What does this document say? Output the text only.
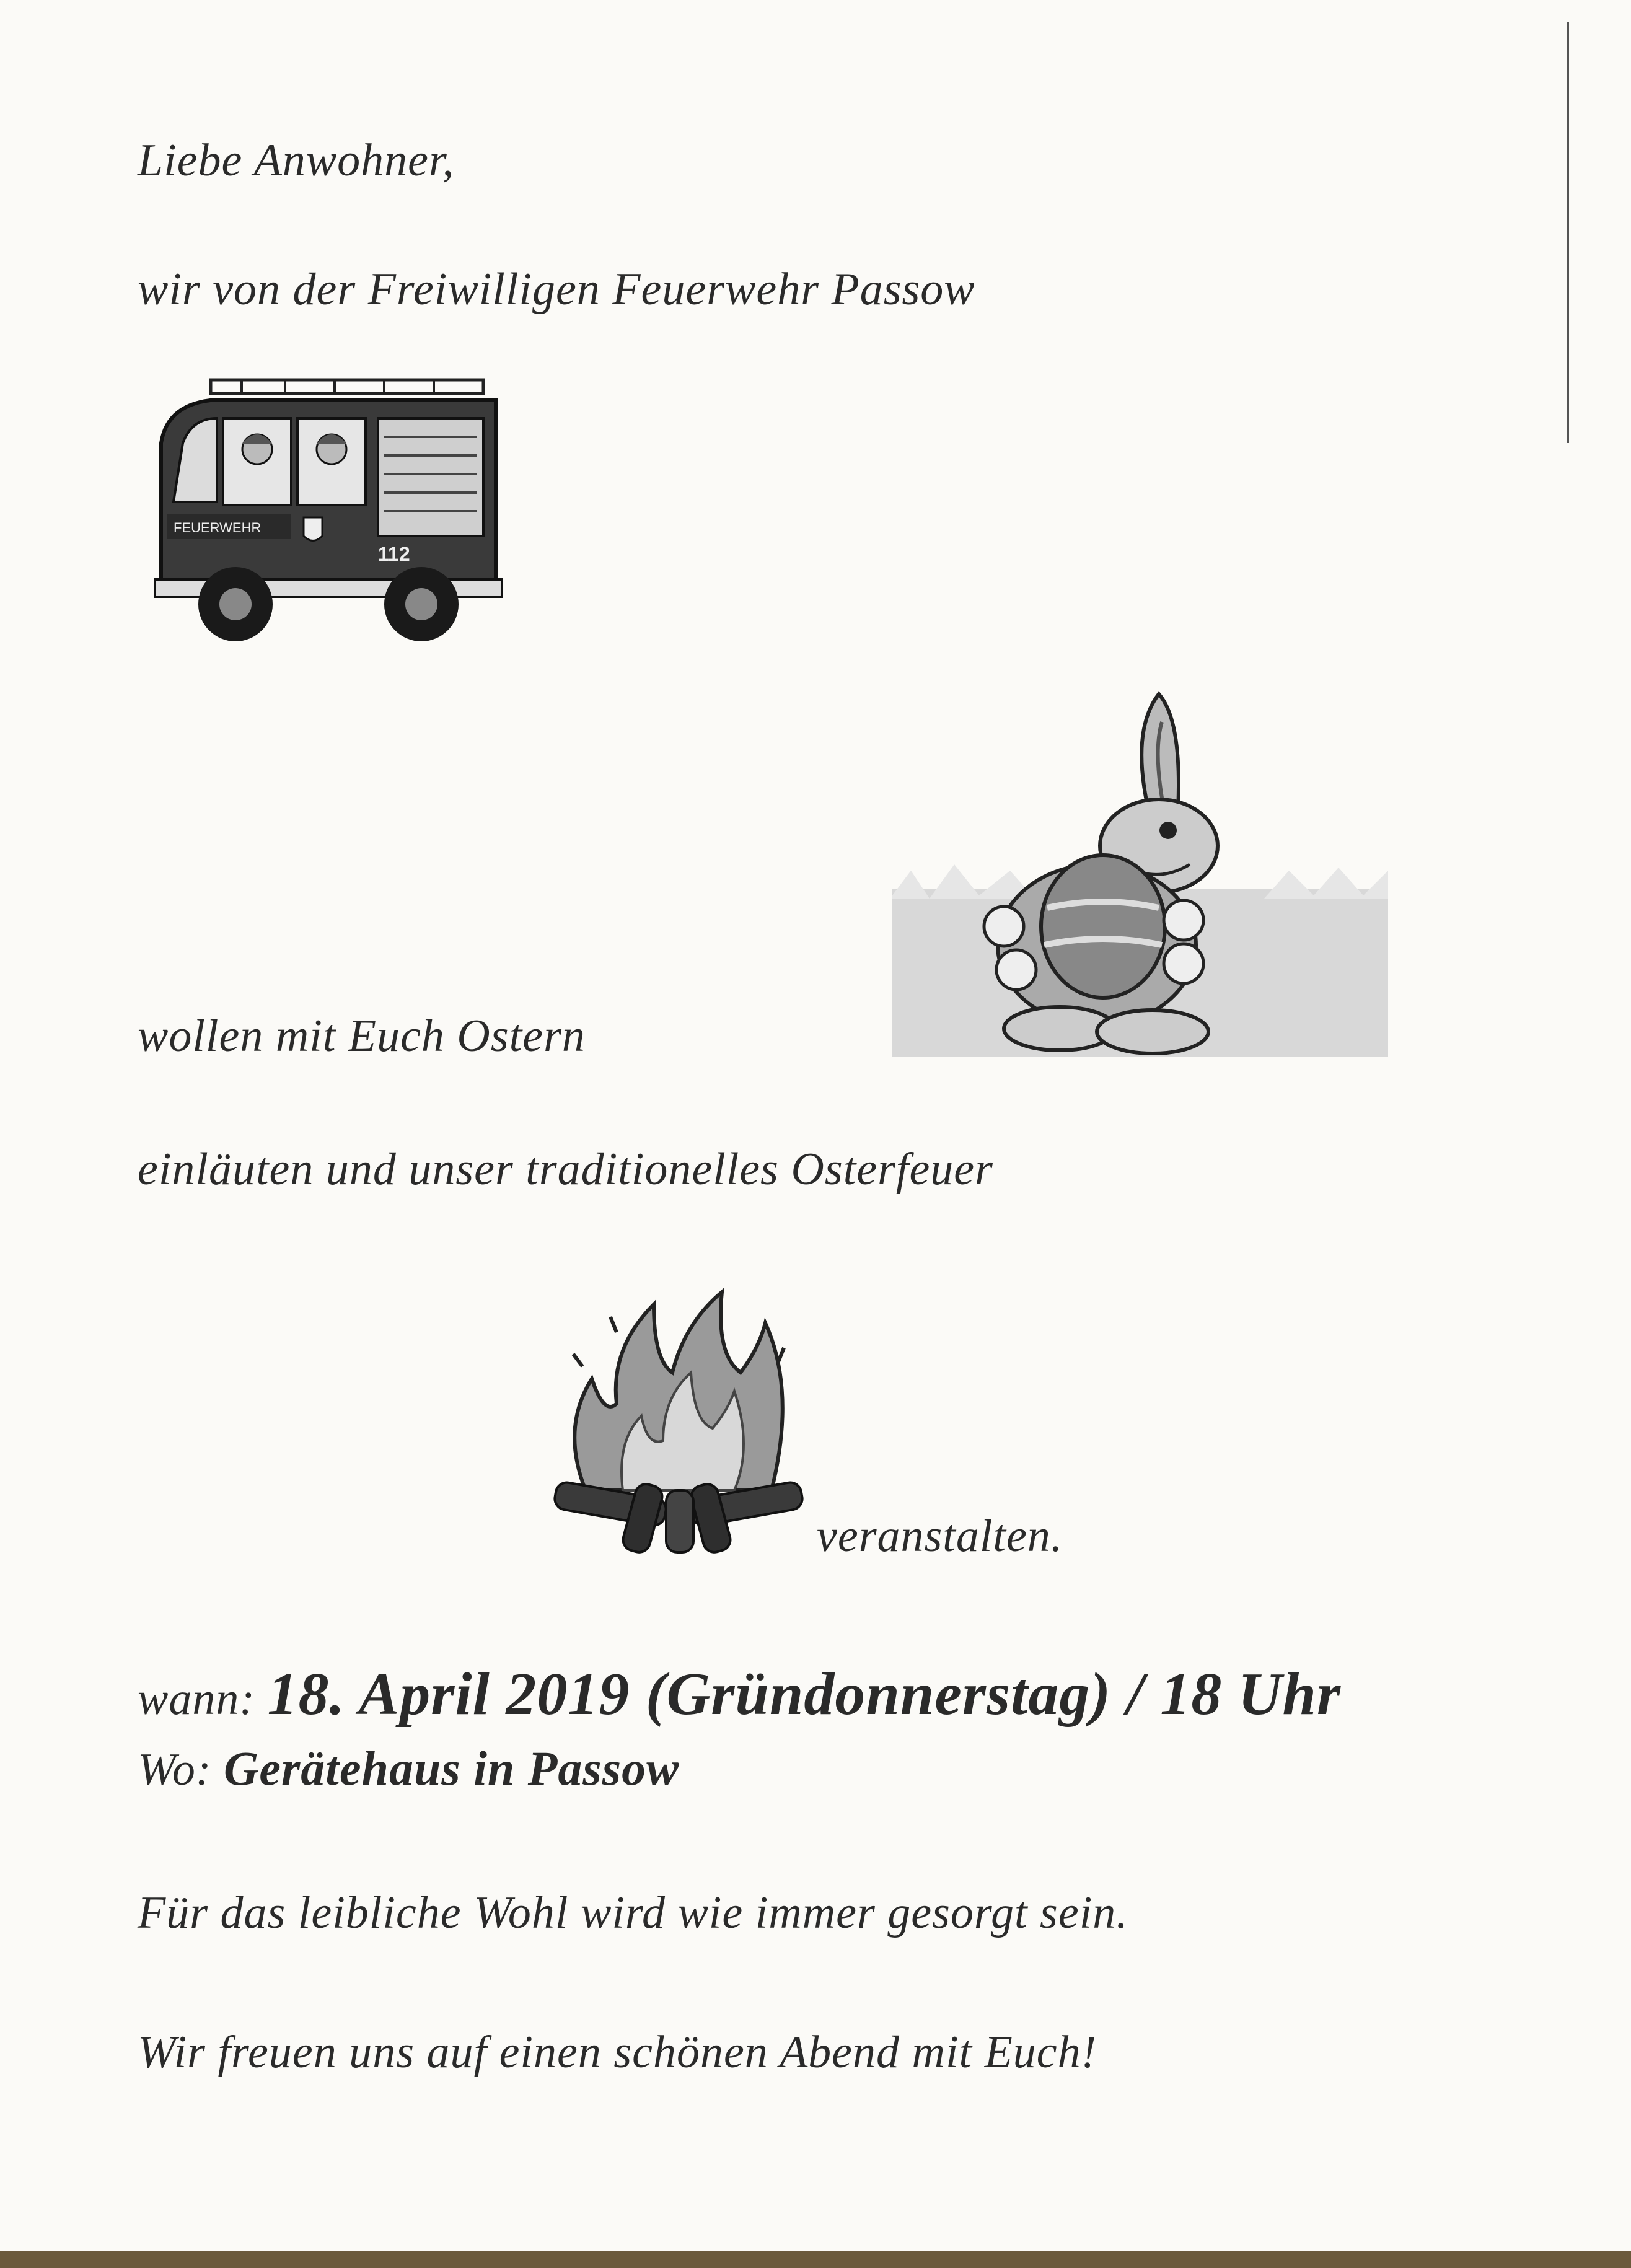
Liebe Anwohner,
wir von der Freiwilligen Feuerwehr Passow
FEUERWEHR
112
wollen mit Euch Ostern
einläuten und unser traditionelles Osterfeuer
veranstalten.
wann: 18. April 2019 (Gründonnerstag) / 18 Uhr
Wo: Gerätehaus in Passow
Für das leibliche Wohl wird wie immer gesorgt sein.
Wir freuen uns auf einen schönen Abend mit Euch!
